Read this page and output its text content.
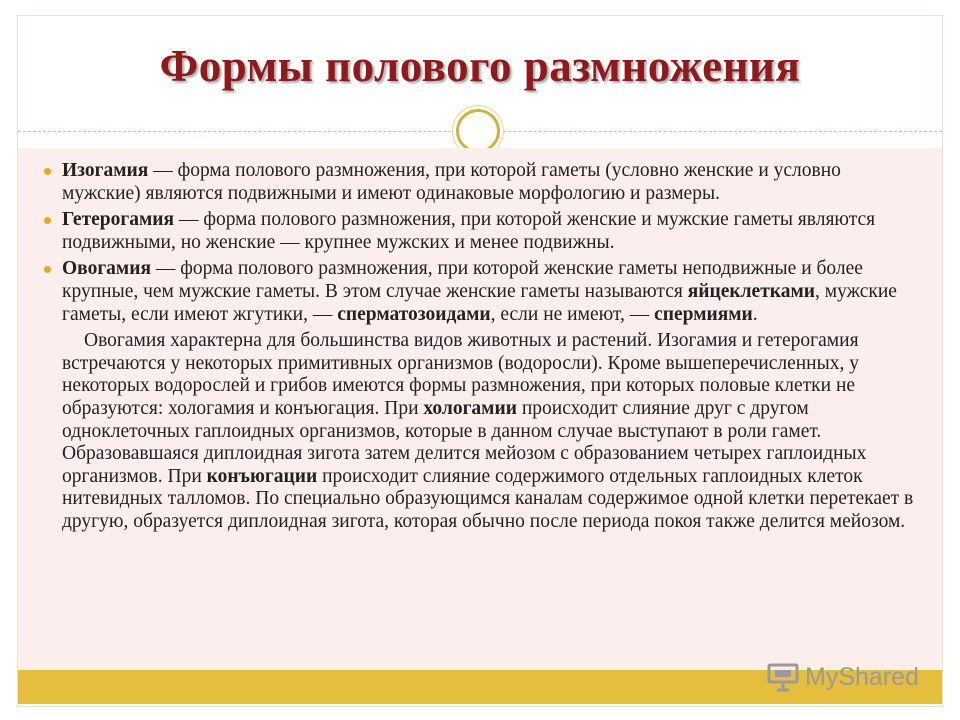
Формы полового размножения
Изогамия — форма полового размножения, при которой гаметы (условно женские и условно мужские) являются подвижными и имеют одинаковые морфологию и размеры.
Гетерогамия — форма полового размножения, при которой женские и мужские гаметы являются подвижными, но женские — крупнее мужских и менее подвижны.
Овогамия — форма полового размножения, при которой женские гаметы неподвижные и более крупные, чем мужские гаметы. В этом случае женские гаметы называются яйцеклетками, мужские гаметы, если имеют жгутики, — сперматозоидами, если не имеют, — спермиями.
Овогамия характерна для большинства видов животных и растений. Изогамия и гетерогамия встречаются у некоторых примитивных организмов (водоросли). Кроме вышеперечисленных, у некоторых водорослей и грибов имеются формы размножения, при которых половые клетки не образуются: хологамия и конъюгация. При хологамии происходит слияние друг с другом одноклеточных гаплоидных организмов, которые в данном случае выступают в роли гамет. Образовавшаяся диплоидная зигота затем делится мейозом с образованием четырех гаплоидных организмов. При конъюгации происходит слияние содержимого отдельных гаплоидных клеток нитевидных талломов. По специально образующимся каналам содержимое одной клетки перетекает в другую, образуется диплоидная зигота, которая обычно после периода покоя также делится мейозом.
MyShared
